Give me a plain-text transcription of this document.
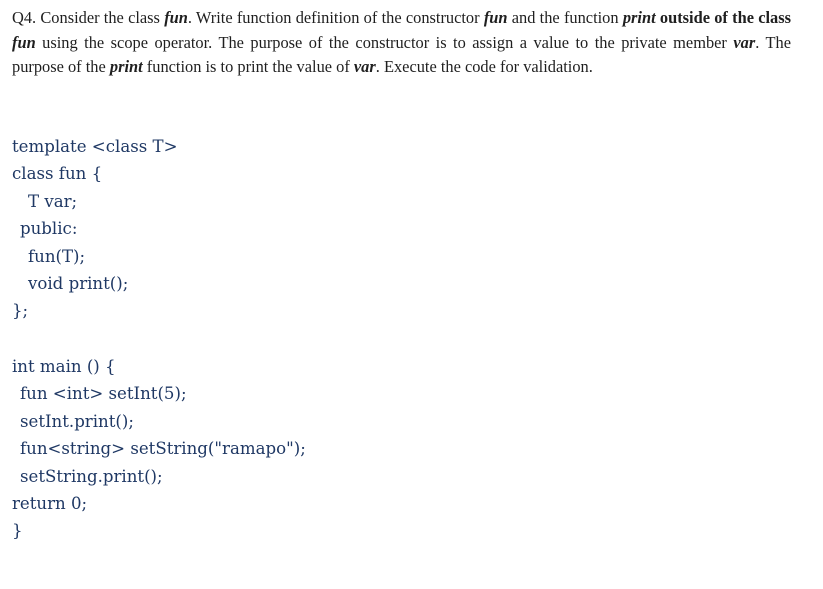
Q4. Consider the class fun. Write function definition of the constructor fun and the function print outside of the class fun using the scope operator. The purpose of the constructor is to assign a value to the private member var. The purpose of the print function is to print the value of var. Execute the code for validation.

template <class T>
class fun {
T var;
public:
fun(T);
void print();
};
int main () {
fun <int> setInt(5);
setInt.print();
fun<string> setString("ramapo");
setString.print();
return 0;
}
